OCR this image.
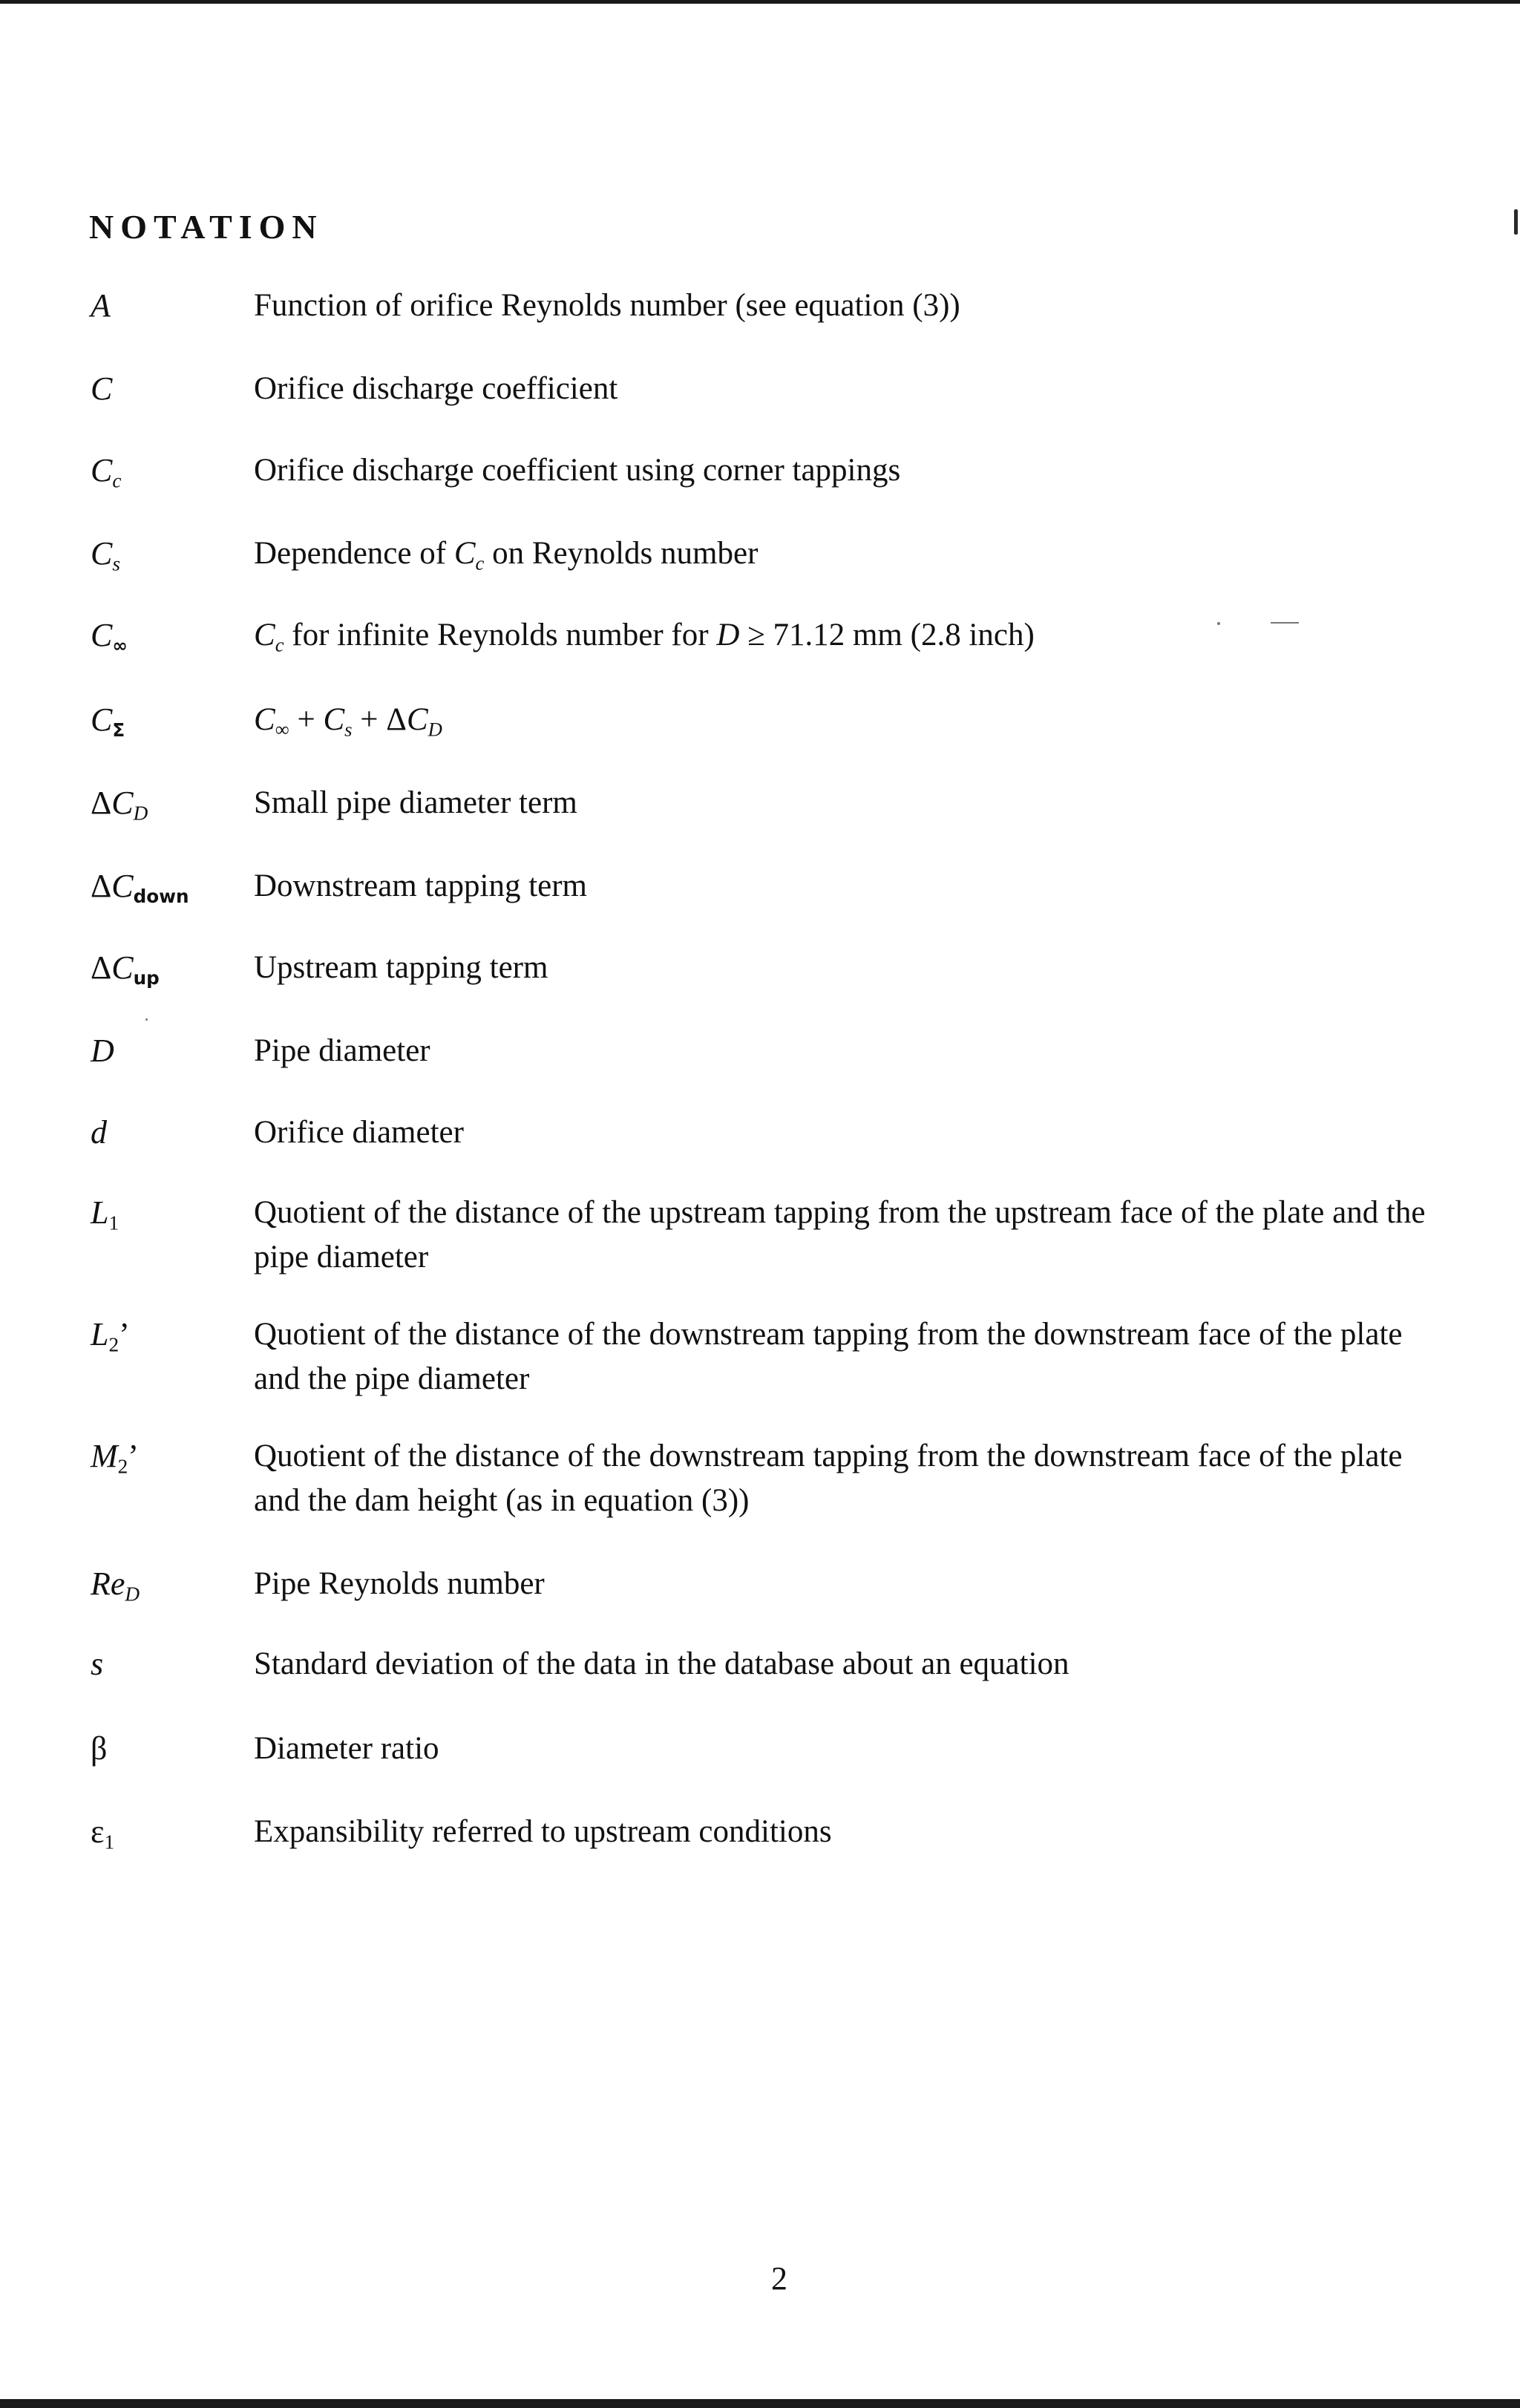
NOTATION
A	Function of orifice Reynolds number (see equation (3))
C	Orifice discharge coefficient
$C_c$	Orifice discharge coefficient using corner tappings
$C_s$	Dependence of $C_c$ on Reynolds number
$C_\infty$	$C_c$ for infinite Reynolds number for D ≥ 71.12 mm (2.8 inch)
$C_\Sigma$	$C_\infty + C_s + \Delta C_D$
$\Delta C_D$	Small pipe diameter term
$\Delta C_{down}$	Downstream tapping term
$\Delta C_{up}$	Upstream tapping term
D	Pipe diameter
d	Orifice diameter
$L_1$	Quotient of the distance of the upstream tapping from the upstream face of the plate and the pipe diameter
$L_2$’	Quotient of the distance of the downstream tapping from the downstream face of the plate and the pipe diameter
$M_2$’	Quotient of the distance of the downstream tapping from the downstream face of the plate and the dam height (as in equation (3))
$Re_D$	Pipe Reynolds number
s	Standard deviation of the data in the database about an equation
β	Diameter ratio
$\varepsilon_1$	Expansibility referred to upstream conditions
2
